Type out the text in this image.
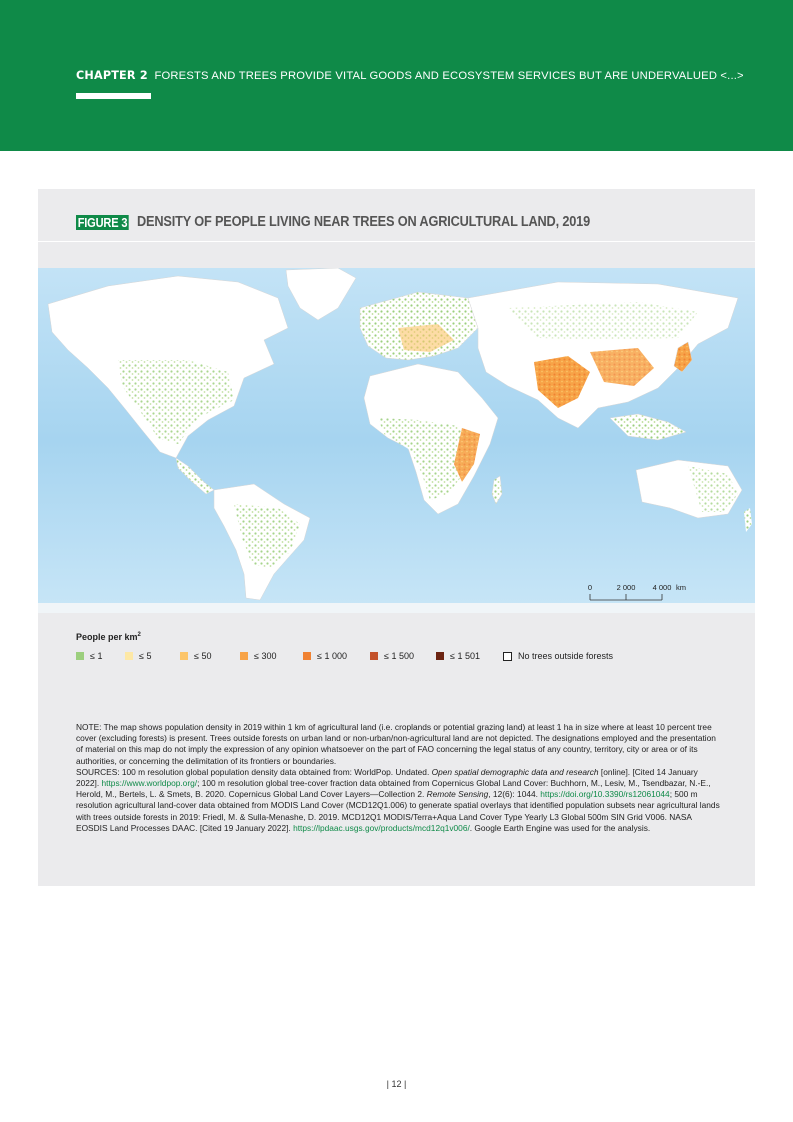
CHAPTER 2 FORESTS AND TREES PROVIDE VITAL GOODS AND ECOSYSTEM SERVICES BUT ARE UNDERVALUED <...>
FIGURE 3 DENSITY OF PEOPLE LIVING NEAR TREES ON AGRICULTURAL LAND, 2019
0	2 000 4 000 km
People per $km^2$
≤ 1	≤ 5	≤ 50	≤ 300	≤ 1 000	≤ 1 500	≤ 1 501	No trees outside forests

NOTE: The map shows population density in 2019 within 1 km of agricultural land (i.e. croplands or potential grazing land) at least 1 ha in size where at least 10 percent tree cover (excluding forests) is present. Trees outside forests on urban land or non-urban/non-agricultural land are not depicted. The designations employed and the presentation of material on this map do not imply the expression of any opinion whatsoever on the part of FAO concerning the legal status of any country, territory, city or area or of its authorities, or concerning the delimitation of its frontiers or boundaries.

SOURCES: 100 m resolution global population density data obtained from: WorldPop. Undated. Open spatial demographic data and research [online]. [Cited 14 January 2022]. https://www.worldpop.org/; 100 m resolution global tree-cover fraction data obtained from Copernicus Global Land Cover: Buchhorn, M., Lesiv, M., Tsendbazar, N.-E., Herold, M., Bertels, L. & Smets, B. 2020. Copernicus Global Land Cover Layers—Collection 2. Remote Sensing, 12(6): 1044. https://doi.org/10.3390/rs12061044; 500 m resolution agricultural land-cover data obtained from MODIS Land Cover (MCD12Q1.006) to generate spatial overlays that identified population subsets near agricultural lands with trees outside forests in 2019: Friedl, M. & Sulla-Menashe, D. 2019. MCD12Q1 MODIS/Terra+Aqua Land Cover Type Yearly L3 Global 500m SIN Grid V006. NASA EOSDIS Land Processes DAAC. [Cited 19 January 2022]. https://lpdaac.usgs.gov/products/mcd12q1v006/. Google Earth Engine was used for the analysis.

| 12 |
